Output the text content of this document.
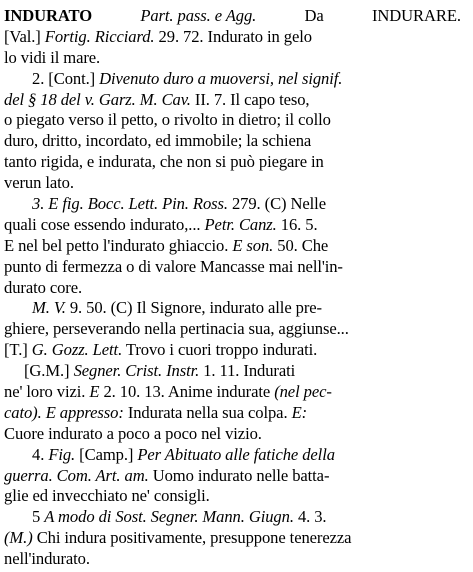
INDURATO	Part. pass. e Agg.	Da	INDURARE.
[Val.] Fortig. Ricciard. 29. 72. Indurato in gelo
lo vidi il mare.
2. [Cont.] Divenuto duro a muoversi, nel signif.
del § 18 del v. Garz. M. Cav. II. 7. Il capo teso,
o piegato verso il petto, o rivolto in dietro; il collo
duro, dritto, incordato, ed immobile; la schiena
tanto rigida, e indurata, che non si può piegare in
verun lato.
3. E fig. Bocc. Lett. Pin. Ross. 279. (C) Nelle
quali cose essendo indurato,... Petr. Canz. 16. 5.
E nel bel petto l'indurato ghiaccio. E son. 50. Che
punto di fermezza o di valore Mancasse mai nell'in-
durato core.
M. V. 9. 50. (C) Il Signore, indurato alle pre-
ghiere, perseverando nella pertinacia sua, aggiunse...
[T.] G. Gozz. Lett. Trovo i cuori troppo indurati.
[G.M.] Segner. Crist. Instr. 1. 11. Indurati
ne' loro vizi. E 2. 10. 13. Anime indurate (nel pec-
cato). E appresso: Indurata nella sua colpa. E:
Cuore indurato a poco a poco nel vizio.
4. Fig. [Camp.] Per Abituato alle fatiche della
guerra. Com. Art. am. Uomo indurato nelle batta-
glie ed invecchiato ne' consigli.
5 A modo di Sost. Segner. Mann. Giugn. 4. 3.
(M.) Chi indura positivamente, presuppone tenerezza
nell'indurato.
